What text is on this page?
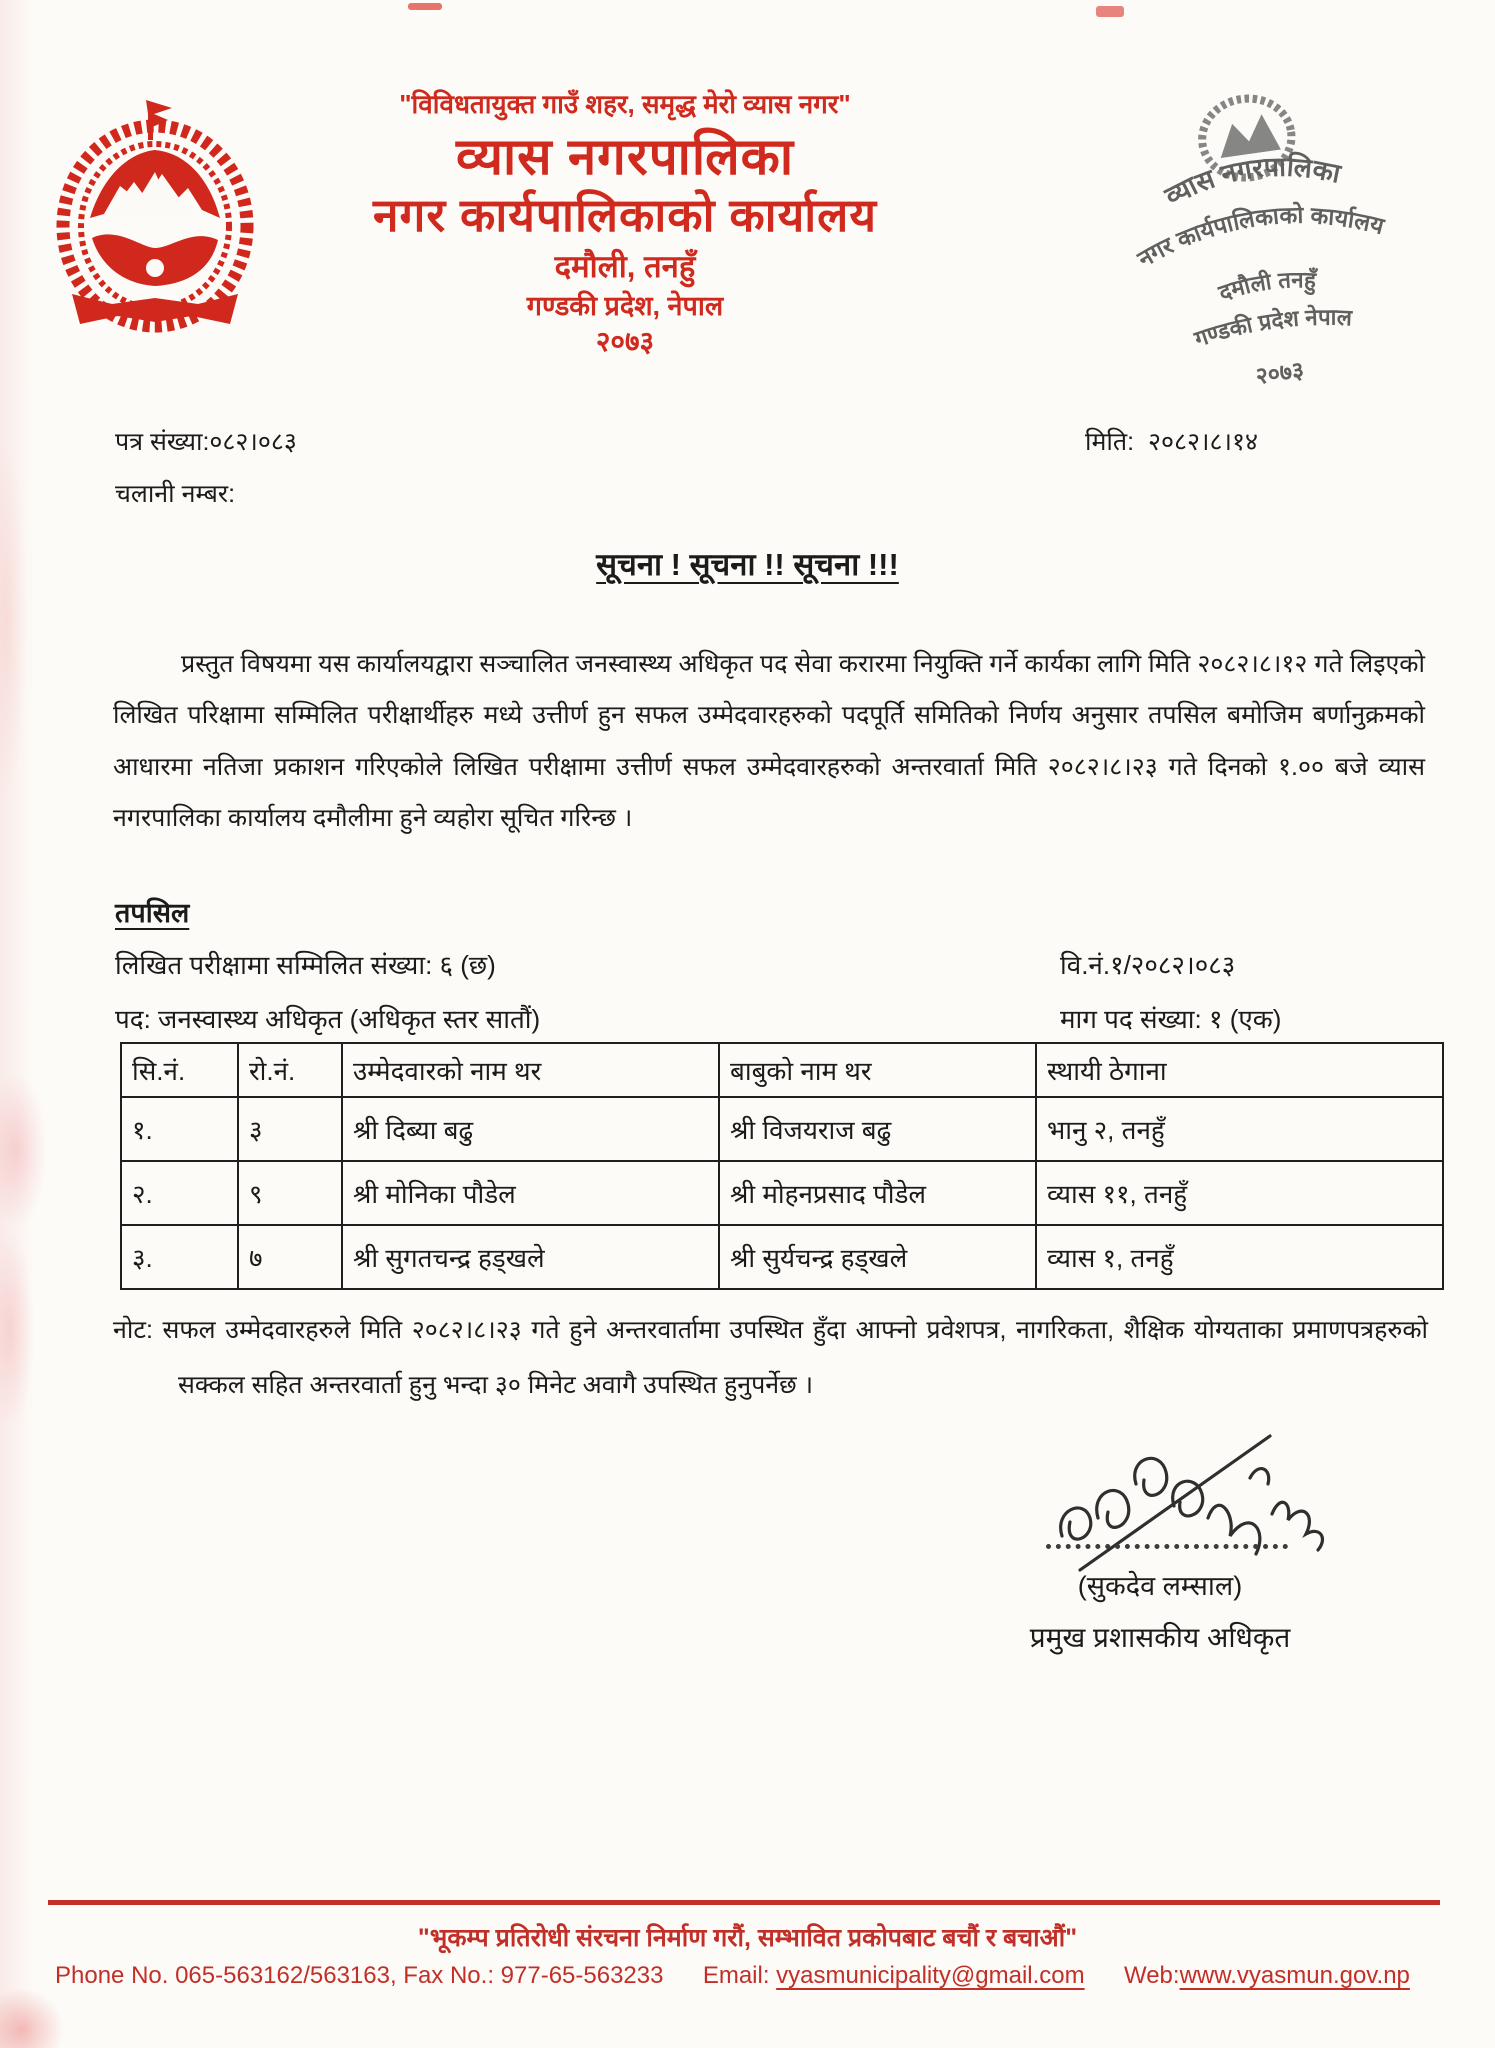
"विविधतायुक्त गाउँ शहर, समृद्ध मेरो व्यास नगर"
व्यास नगरपालिका
नगर कार्यपालिकाको कार्यालय
दमौली, तनहुँ
गण्डकी प्रदेश, नेपाल
२०७३
व्यास नगरपालिका
नगर कार्यपालिकाको कार्यालय
दमौली तनहुँ
गण्डकी प्रदेश नेपाल
२०७३
पत्र संख्या:०८२।०८३
चलानी नम्बर:
मिति: २०८२।८।१४
सूचना ! सूचना !! सूचना !!!

प्रस्तुत विषयमा यस कार्यालयद्वारा सञ्चालित जनस्वास्थ्य अधिकृत पद सेवा करारमा नियुक्ति गर्ने कार्यका लागि मिति २०८२।८।१२ गते लिइएको लिखित परिक्षामा सम्मिलित परीक्षार्थीहरु मध्ये उत्तीर्ण हुन सफल उम्मेदवारहरुको पदपूर्ति समितिको निर्णय अनुसार तपसिल बमोजिम बर्णानुक्रमको आधारमा नतिजा प्रकाशन गरिएकोले लिखित परीक्षामा उत्तीर्ण सफल उम्मेदवारहरुको अन्तरवार्ता मिति २०८२।८।२३ गते दिनको १.०० बजे व्यास नगरपालिका कार्यालय दमौलीमा हुने व्यहोरा सूचित गरिन्छ ।

तपसिल
लिखित परीक्षामा सम्मिलित संख्या: ६ (छ)
पद: जनस्वास्थ्य अधिकृत (अधिकृत स्तर सातौं)
वि.नं.१/२०८२।०८३
माग पद संख्या: १ (एक)
सि.नं.	रो.नं.	उम्मेदवारको नाम थर	बाबुको नाम थर	स्थायी ठेगाना
१.	३	श्री दिब्या बढु	श्री विजयराज बढु	भानु २, तनहुँ
२.	९	श्री मोनिका पौडेल	श्री मोहनप्रसाद पौडेल	व्यास ११, तनहुँ
३.	७	श्री सुगतचन्द्र हड्खले	श्री सुर्यचन्द्र हड्खले	व्यास १, तनहुँ

नोट: सफल उम्मेदवारहरुले मिति २०८२।८।२३ गते हुने अन्तरवार्तामा उपस्थित हुँदा आफ्नो प्रवेशपत्र, नागरिकता, शैक्षिक योग्यताका प्रमाणपत्रहरुको सक्कल सहित अन्तरवार्ता हुनु भन्दा ३० मिनेट अवागै उपस्थित हुनुपर्नेछ ।

(सुकदेव लम्साल)
प्रमुख प्रशासकीय अधिकृत
"भूकम्प प्रतिरोधी संरचना निर्माण गरौं, सम्भावित प्रकोपबाट बचौं र बचाऔं"
Phone No. 065-563162/563163, Fax No.: 977-65-563233 Email: vyasmunicipality@gmail.com Web:www.vyasmun.gov.np
